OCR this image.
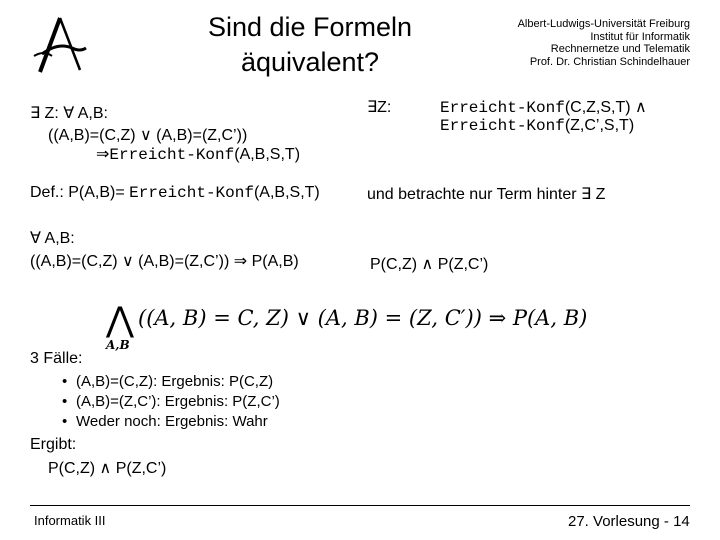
Sind die Formeln
äquivalent?
Albert-Ludwigs-Universität Freiburg
Institut für Informatik
Rechnernetze und Telematik
Prof. Dr. Christian Schindelhauer
∃ Z: ∀ A,B:
((A,B)=(C,Z) ∨ (A,B)=(Z,C’))
⇒Erreicht-Konf(A,B,S,T)
Def.: P(A,B)= Erreicht-Konf(A,B,S,T)
∀ A,B:
((A,B)=(C,Z) ∨ (A,B)=(Z,C’)) ⇒ P(A,B)
∃Z:	Erreicht-Konf(C,Z,S,T) ∧
Erreicht-Konf(Z,C’,S,T)
und betrachte nur Term hinter ∃ Z
P(C,Z) ∧ P(Z,C’)
⋀
A,B
((A, B) = C, Z) ∨ (A, B) = (Z, C′)) ⇒ P(A, B)
3 Fälle:
• (A,B)=(C,Z): Ergebnis: P(C,Z)
• (A,B)=(Z,C’): Ergebnis: P(Z,C’)
• Weder noch: Ergebnis: Wahr
Ergibt:
P(C,Z) ∧ P(Z,C’)
Informatik III	27. Vorlesung - 14
